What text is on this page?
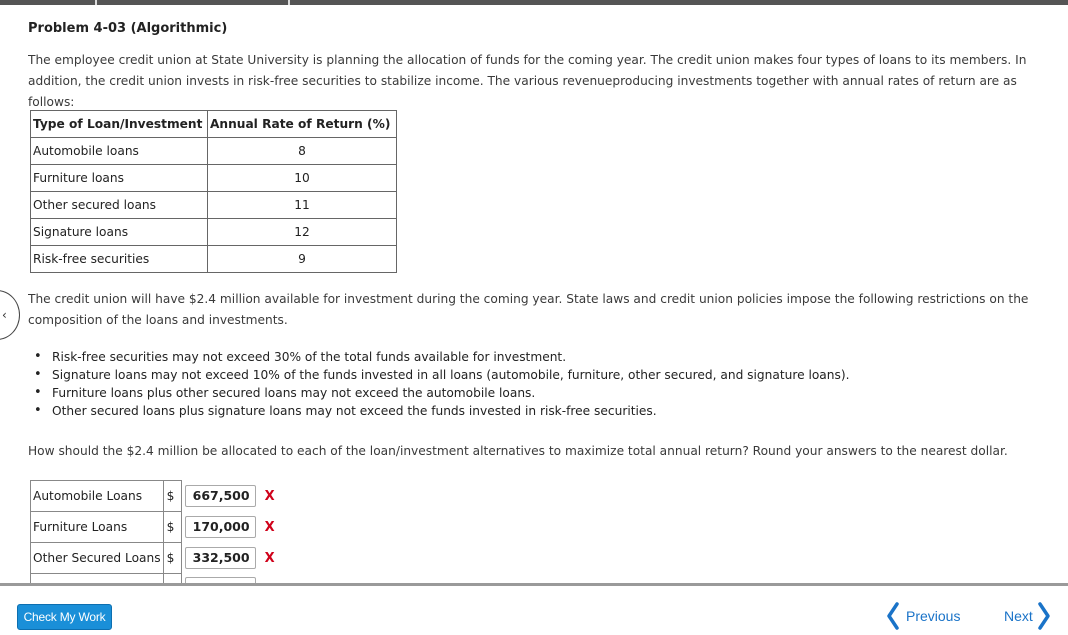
‹
Problem 4-03 (Algorithmic)
The employee credit union at State University is planning the allocation of funds for the coming year. The credit union makes four types of loans to its members. In
addition, the credit union invests in risk-free securities to stabilize income. The various revenueproducing investments together with annual rates of return are as follows:
Type of Loan/Investment	Annual Rate of Return (%)
Automobile loans	8
Furniture loans	10
Other secured loans	11
Signature loans	12
Risk-free securities	9
The credit union will have $2.4 million available for investment during the coming year. State laws and credit union policies impose the following restrictions on the
composition of the loans and investments.
• Risk-free securities may not exceed 30% of the total funds available for investment.
• Signature loans may not exceed 10% of the funds invested in all loans (automobile, furniture, other secured, and signature loans).
• Furniture loans plus other secured loans may not exceed the automobile loans.
• Other secured loans plus signature loans may not exceed the funds invested in risk-free securities.
How should the $2.4 million be allocated to each of the loan/investment alternatives to maximize total annual return? Round your answers to the nearest dollar.
Automobile Loans	$	667,500 X
Furniture Loans	$	170,000 X
Other Secured Loans	$	332,500 X

Check My Work	Previous	Next
